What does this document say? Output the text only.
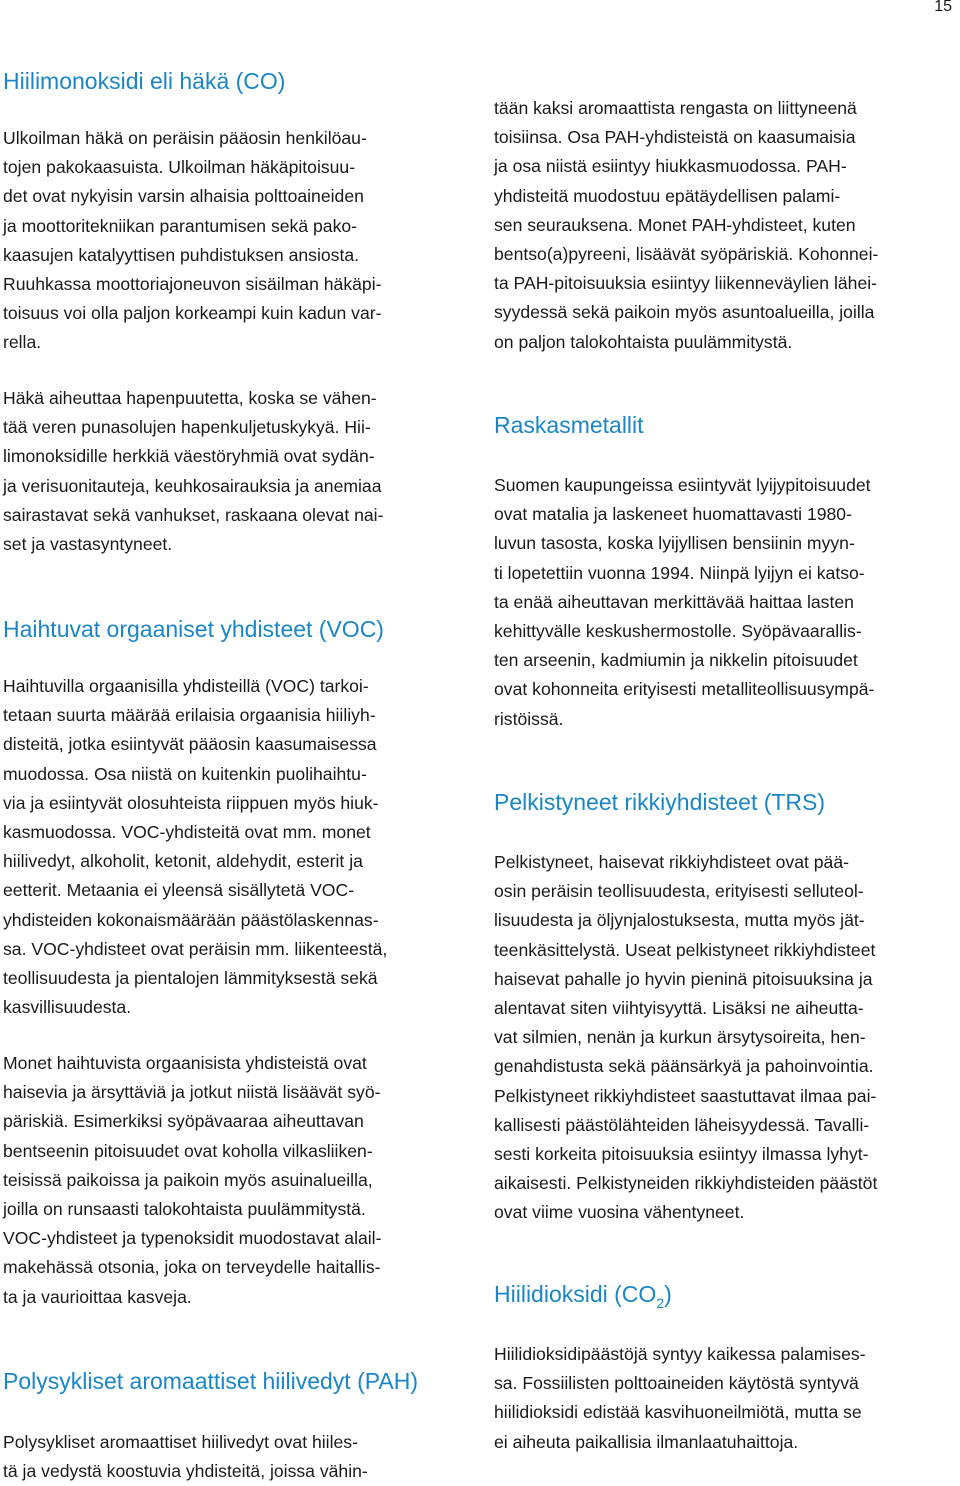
15
Hiilimonoksidi eli häkä (CO)
Ulkoilman häkä on peräisin pääosin henkilöau-
tojen pakokaasuista. Ulkoilman häkäpitoisuu-
det ovat nykyisin varsin alhaisia polttoaineiden
ja moottoritekniikan parantumisen sekä pako-
kaasujen katalyyttisen puhdistuksen ansiosta.
Ruuhkassa moottoriajoneuvon sisäilman häkäpi-
toisuus voi olla paljon korkeampi kuin kadun var-
rella.
Häkä aiheuttaa hapenpuutetta, koska se vähen-
tää veren punasolujen hapenkuljetuskykyä. Hii-
limonoksidille herkkiä väestöryhmiä ovat sydän-
ja verisuonitauteja, keuhkosairauksia ja anemiaa
sairastavat sekä vanhukset, raskaana olevat nai-
set ja vastasyntyneet.
Haihtuvat orgaaniset yhdisteet (VOC)
Haihtuvilla orgaanisilla yhdisteillä (VOC) tarkoi-
tetaan suurta määrää erilaisia orgaanisia hiiliyh-
disteitä, jotka esiintyvät pääosin kaasumaisessa
muodossa. Osa niistä on kuitenkin puolihaihtu-
via ja esiintyvät olosuhteista riippuen myös hiuk-
kasmuodossa. VOC-yhdisteitä ovat mm. monet
hiilivedyt, alkoholit, ketonit, aldehydit, esterit ja
eetterit. Metaania ei yleensä sisällytetä VOC-
yhdisteiden kokonaismäärään päästölaskennas-
sa. VOC-yhdisteet ovat peräisin mm. liikenteestä,
teollisuudesta ja pientalojen lämmityksestä sekä
kasvillisuudesta.
Monet haihtuvista orgaanisista yhdisteistä ovat
haisevia ja ärsyttäviä ja jotkut niistä lisäävät syö-
päriskiä. Esimerkiksi syöpävaaraa aiheuttavan
bentseenin pitoisuudet ovat koholla vilkasliiken-
teisissä paikoissa ja paikoin myös asuinalueilla,
joilla on runsaasti talokohtaista puulämmitystä.
VOC-yhdisteet ja typenoksidit muodostavat alail-
makehässä otsonia, joka on terveydelle haitallis-
ta ja vaurioittaa kasveja.
Polysykliset aromaattiset hiilivedyt (PAH)
Polysykliset aromaattiset hiilivedyt ovat hiiles-
tä ja vedystä koostuvia yhdisteitä, joissa vähin-
tään kaksi aromaattista rengasta on liittyneenä
toisiinsa. Osa PAH-yhdisteistä on kaasumaisia
ja osa niistä esiintyy hiukkasmuodossa. PAH-
yhdisteitä muodostuu epätäydellisen palami-
sen seurauksena. Monet PAH-yhdisteet, kuten
bentso(a)pyreeni, lisäävät syöpäriskiä. Kohonnei-
ta PAH-pitoisuuksia esiintyy liikenneväylien lähei-
syydessä sekä paikoin myös asuntoalueilla, joilla
on paljon talokohtaista puulämmitystä.
Raskasmetallit
Suomen kaupungeissa esiintyvät lyijypitoisuudet
ovat matalia ja laskeneet huomattavasti 1980-
luvun tasosta, koska lyijyllisen bensiinin myyn-
ti lopetettiin vuonna 1994. Niinpä lyijyn ei katso-
ta enää aiheuttavan merkittävää haittaa lasten
kehittyvälle keskushermostolle. Syöpävaarallis-
ten arseenin, kadmiumin ja nikkelin pitoisuudet
ovat kohonneita erityisesti metalliteollisuusympä-
ristöissä.
Pelkistyneet rikkiyhdisteet (TRS)
Pelkistyneet, haisevat rikkiyhdisteet ovat pää-
osin peräisin teollisuudesta, erityisesti selluteol-
lisuudesta ja öljynjalostuksesta, mutta myös jät-
teenkäsittelystä. Useat pelkistyneet rikkiyhdisteet
haisevat pahalle jo hyvin pieninä pitoisuuksina ja
alentavat siten viihtyisyyttä. Lisäksi ne aiheutta-
vat silmien, nenän ja kurkun ärsytysoireita, hen-
genahdistusta sekä päänsärkyä ja pahoinvointia.
Pelkistyneet rikkiyhdisteet saastuttavat ilmaa pai-
kallisesti päästölähteiden läheisyydessä. Tavalli-
sesti korkeita pitoisuuksia esiintyy ilmassa lyhyt-
aikaisesti. Pelkistyneiden rikkiyhdisteiden päästöt
ovat viime vuosina vähentyneet.
Hiilidioksidi $(CO_2)$
Hiilidioksidipäästöjä syntyy kaikessa palamises-
sa. Fossiilisten polttoaineiden käytöstä syntyvä
hiilidioksidi edistää kasvihuoneilmiötä, mutta se
ei aiheuta paikallisia ilmanlaatuhaittoja.
